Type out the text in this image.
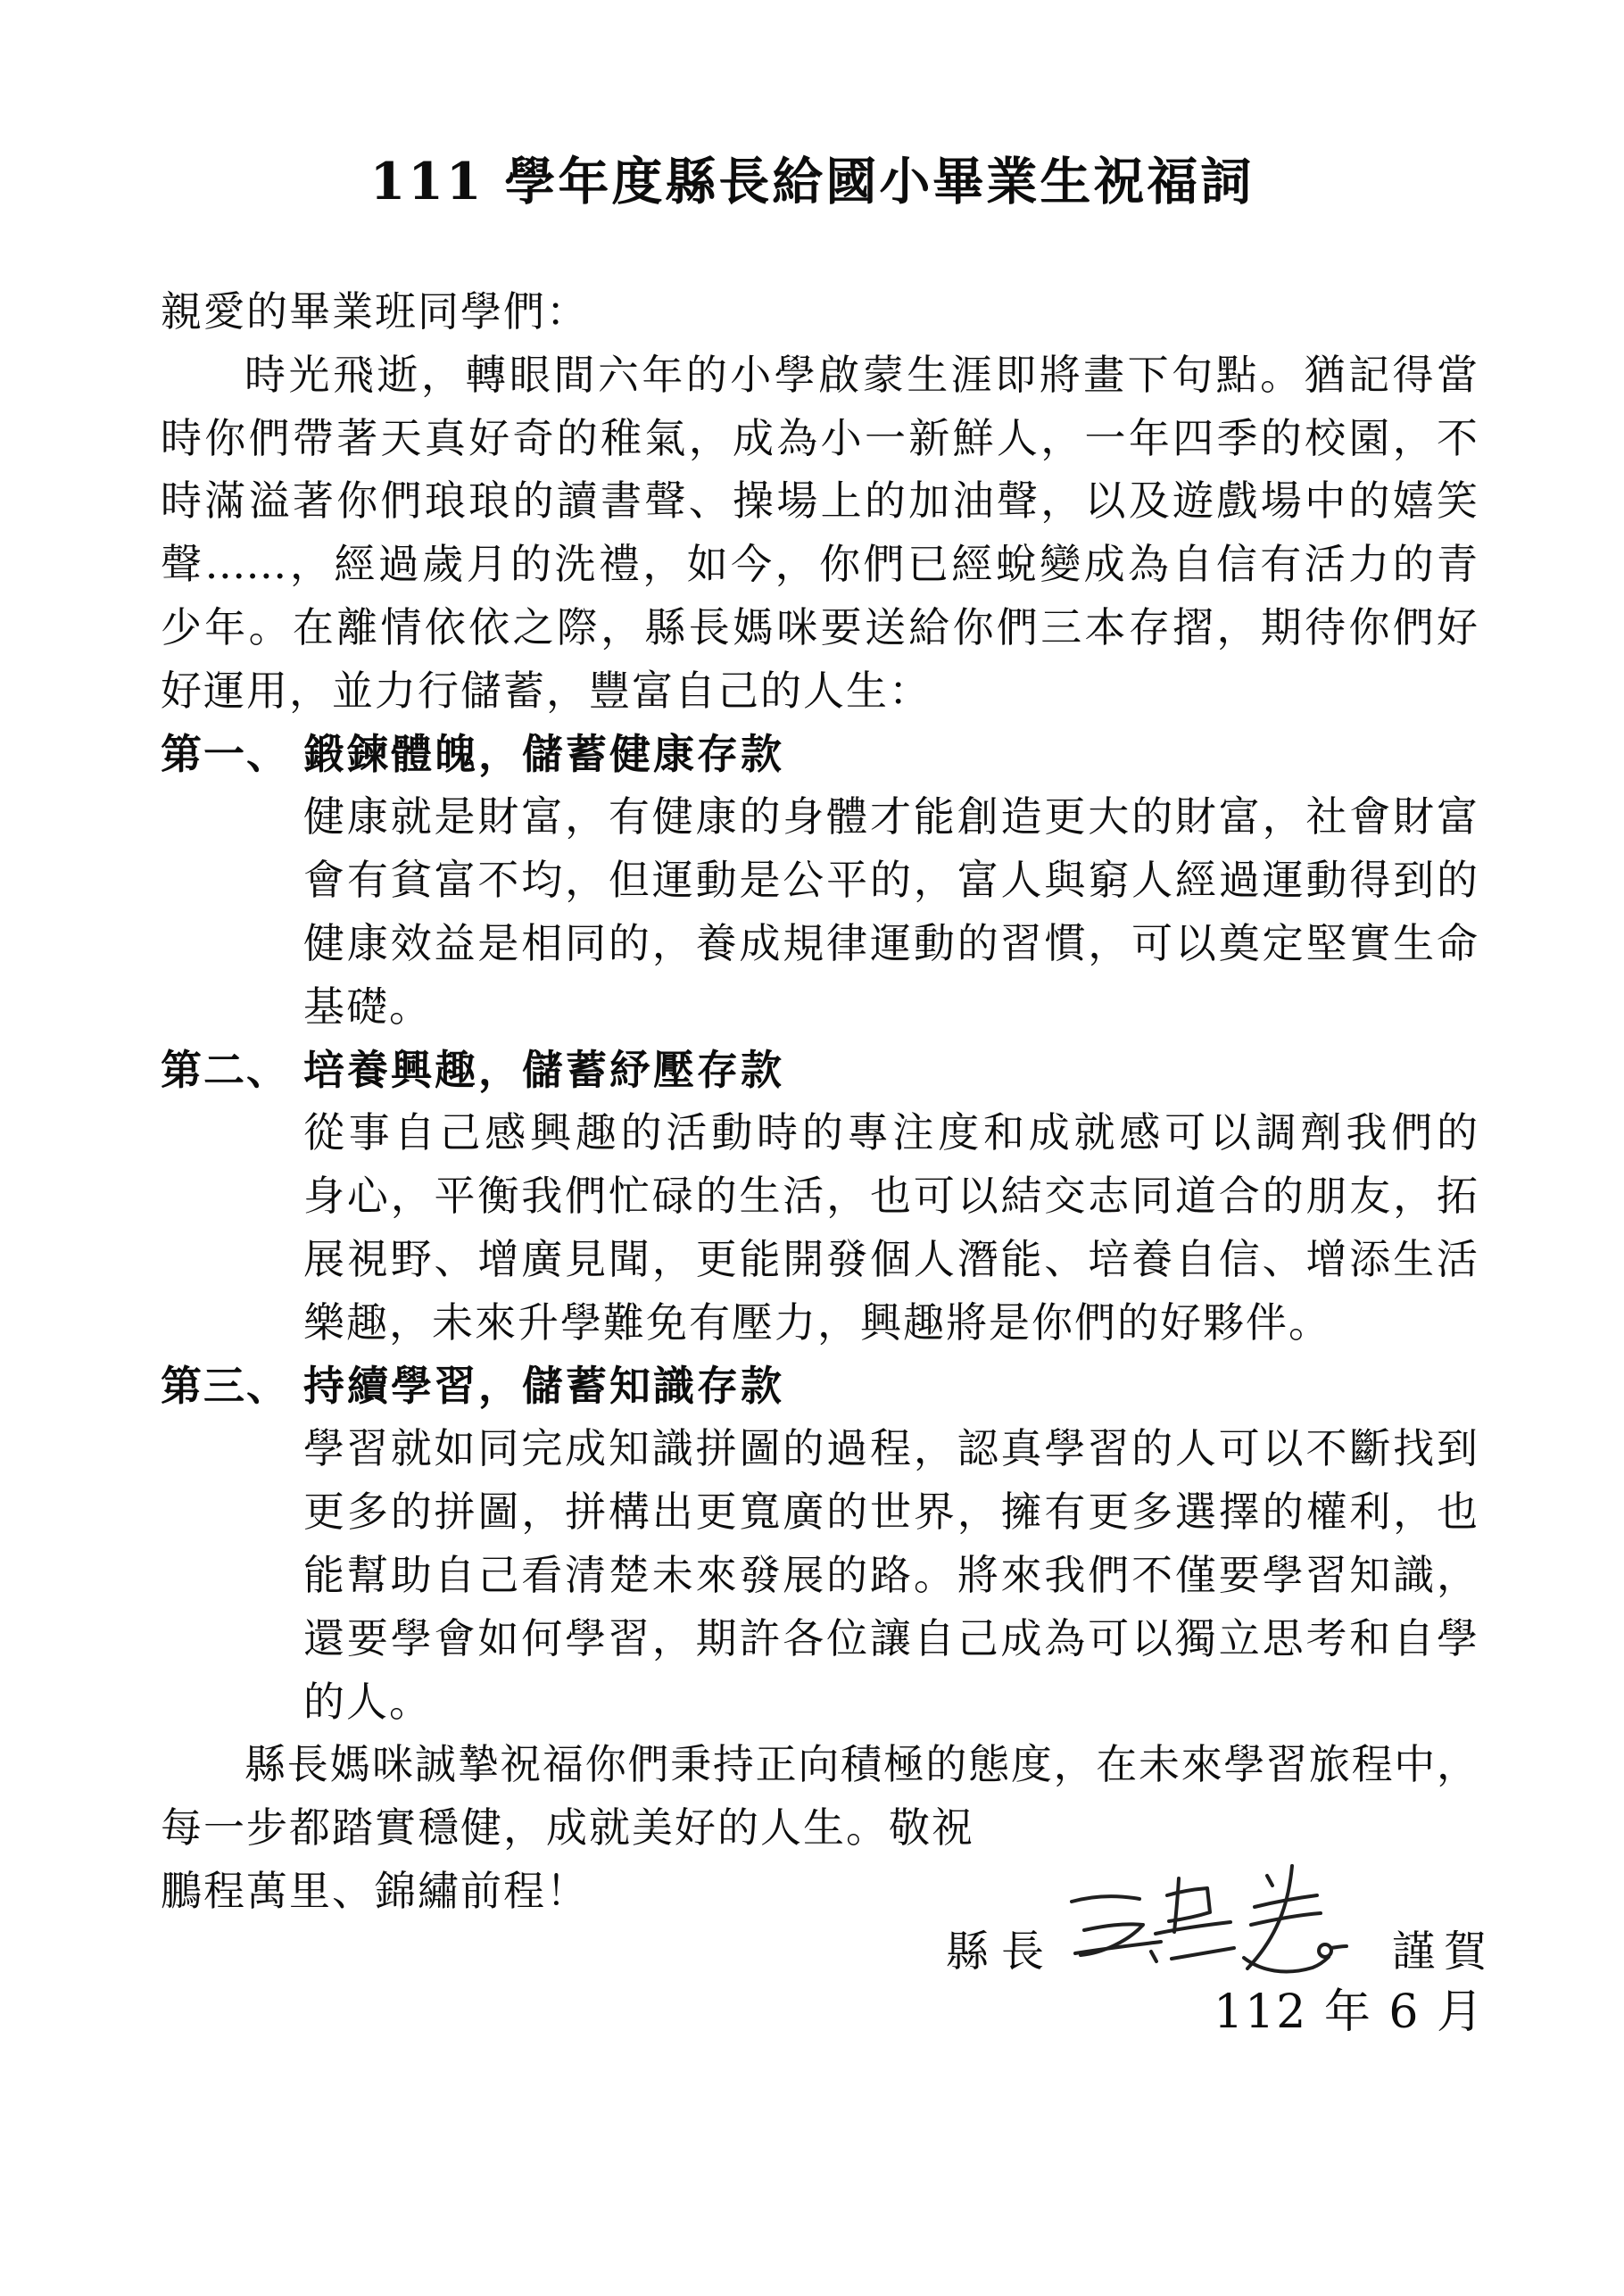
111 學年度縣長給國小畢業生祝福詞
親愛的畢業班同學們：
時光飛逝，轉眼間六年的小學啟蒙生涯即將畫下句點。猶記得當
時你們帶著天真好奇的稚氣，成為小一新鮮人，一年四季的校園，不
時滿溢著你們琅琅的讀書聲、操場上的加油聲，以及遊戲場中的嬉笑
聲……，經過歲月的洗禮，如今，你們已經蛻變成為自信有活力的青
少年。在離情依依之際，縣長媽咪要送給你們三本存摺，期待你們好
好運用，並力行儲蓄，豐富自己的人生：
第一、 鍛鍊體魄，儲蓄健康存款
健康就是財富，有健康的身體才能創造更大的財富，社會財富
會有貧富不均，但運動是公平的，富人與窮人經過運動得到的
健康效益是相同的，養成規律運動的習慣，可以奠定堅實生命
基礎。
第二、 培養興趣，儲蓄紓壓存款
從事自己感興趣的活動時的專注度和成就感可以調劑我們的
身心，平衡我們忙碌的生活，也可以結交志同道合的朋友，拓
展視野、增廣見聞，更能開發個人潛能、培養自信、增添生活
樂趣，未來升學難免有壓力，興趣將是你們的好夥伴。
第三、 持續學習，儲蓄知識存款
學習就如同完成知識拼圖的過程，認真學習的人可以不斷找到
更多的拼圖，拼構出更寬廣的世界，擁有更多選擇的權利，也
能幫助自己看清楚未來發展的路。將來我們不僅要學習知識，
還要學會如何學習，期許各位讓自己成為可以獨立思考和自學
的人。
縣長媽咪誠摯祝福你們秉持正向積極的態度，在未來學習旅程中，
每一步都踏實穩健，成就美好的人生。敬祝
鵬程萬里、錦繡前程！
縣長	謹賀
112 年 6 月
